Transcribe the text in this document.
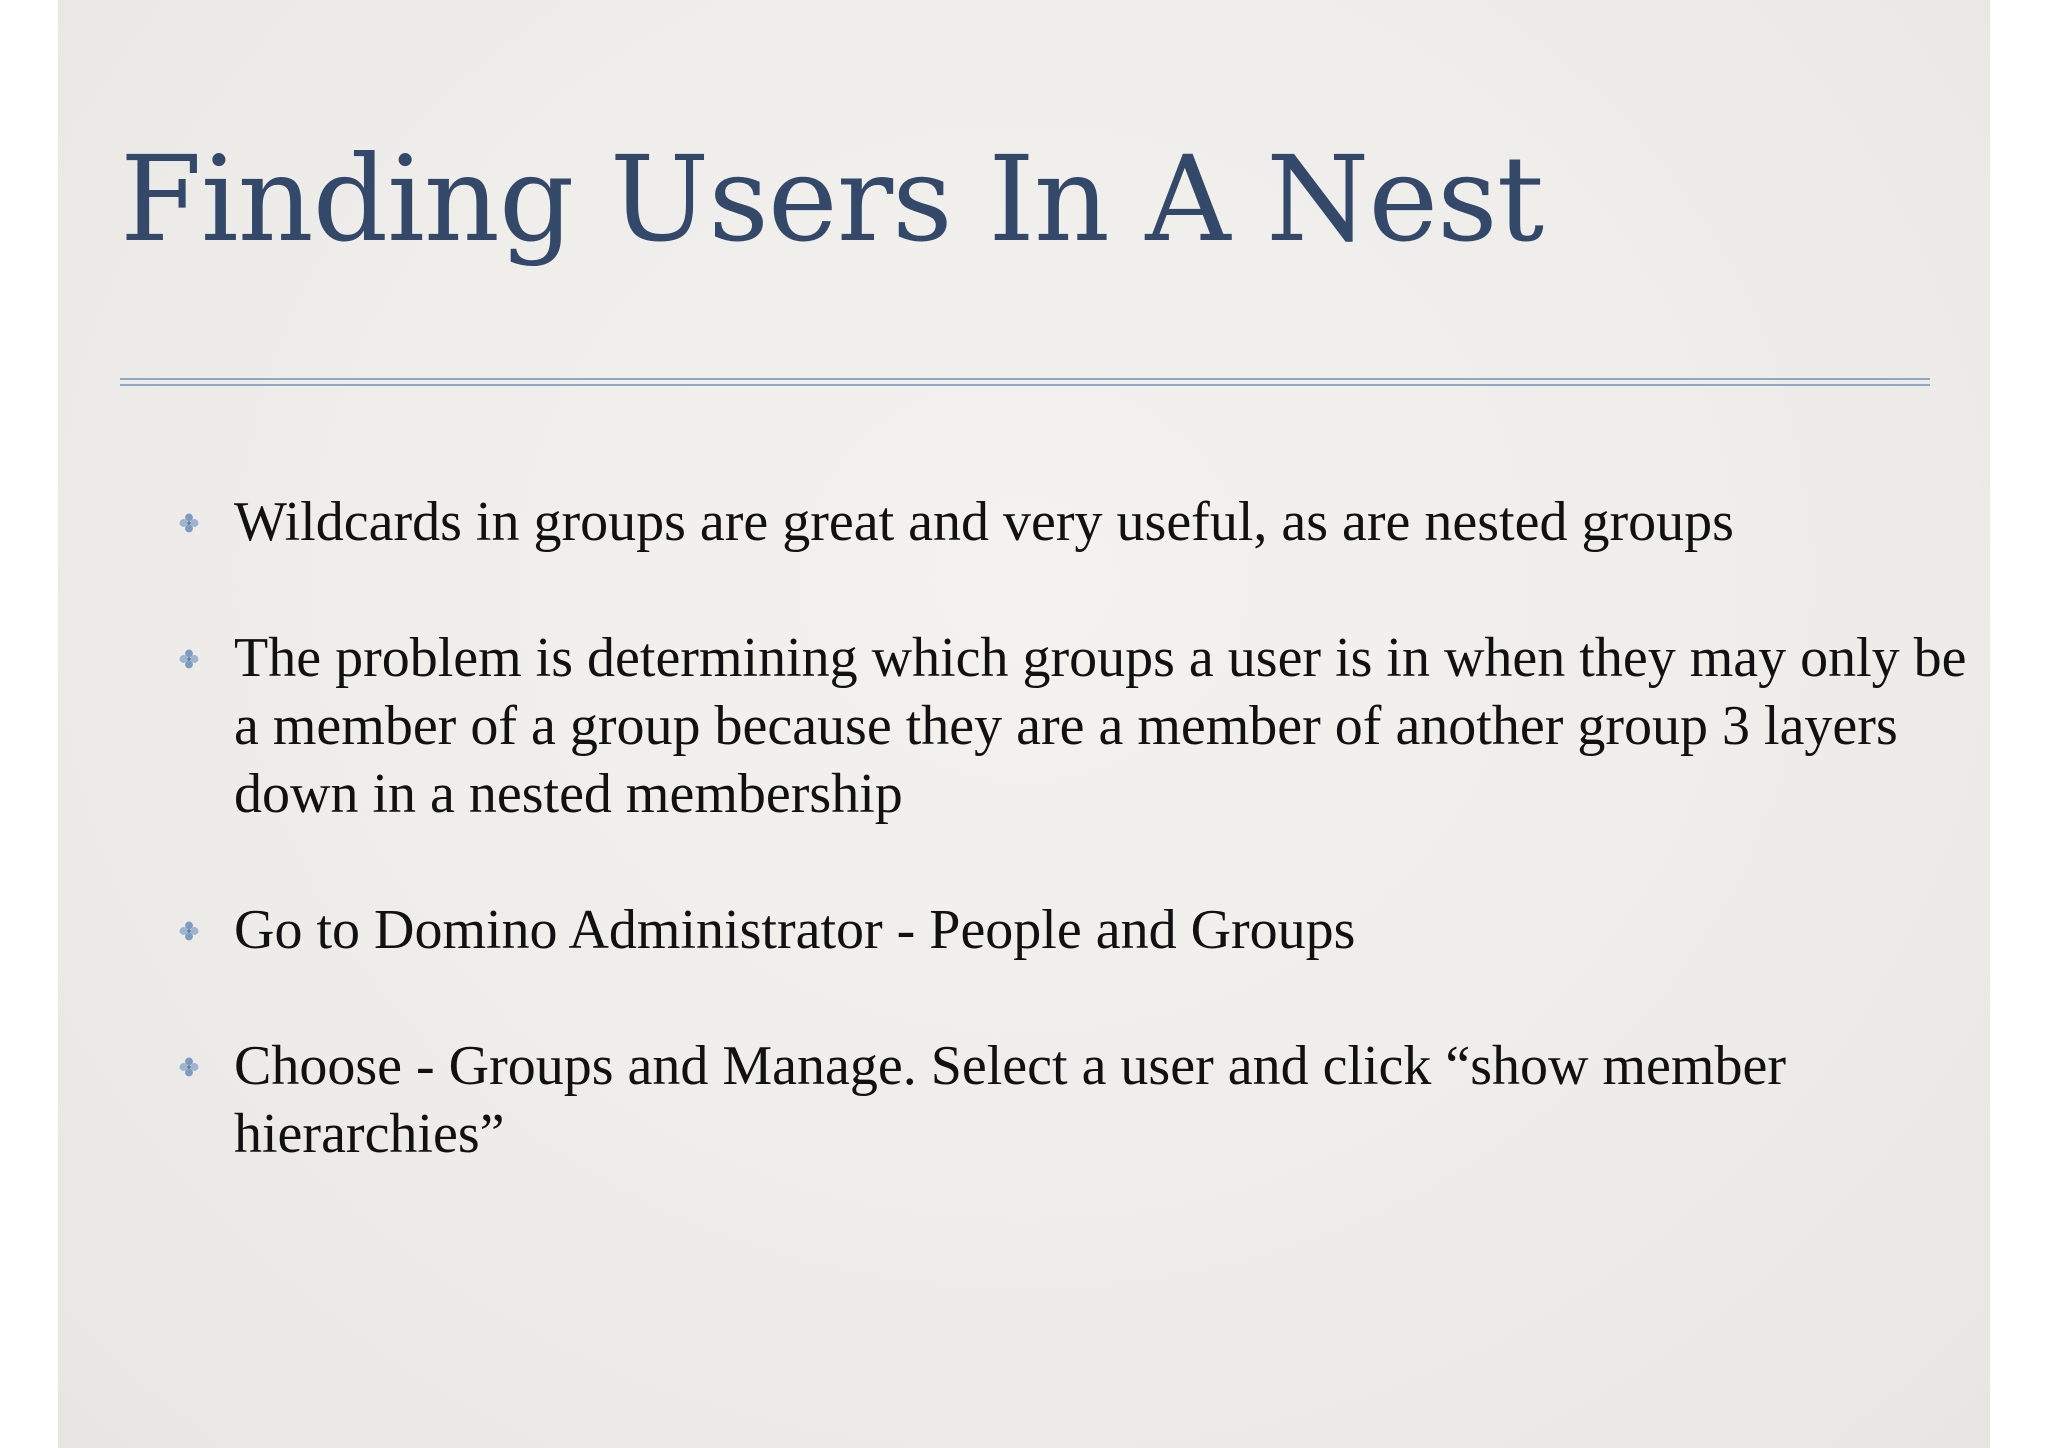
Finding Users In A Nest
Wildcards in groups are great and very useful, as are nested groups
The problem is determining which groups a user is in when they may only be a member of a group because they are a member of another group 3 layers down in a nested membership
Go to Domino Administrator - People and Groups
Choose - Groups and Manage. Select a user and click “show member hierarchies”
